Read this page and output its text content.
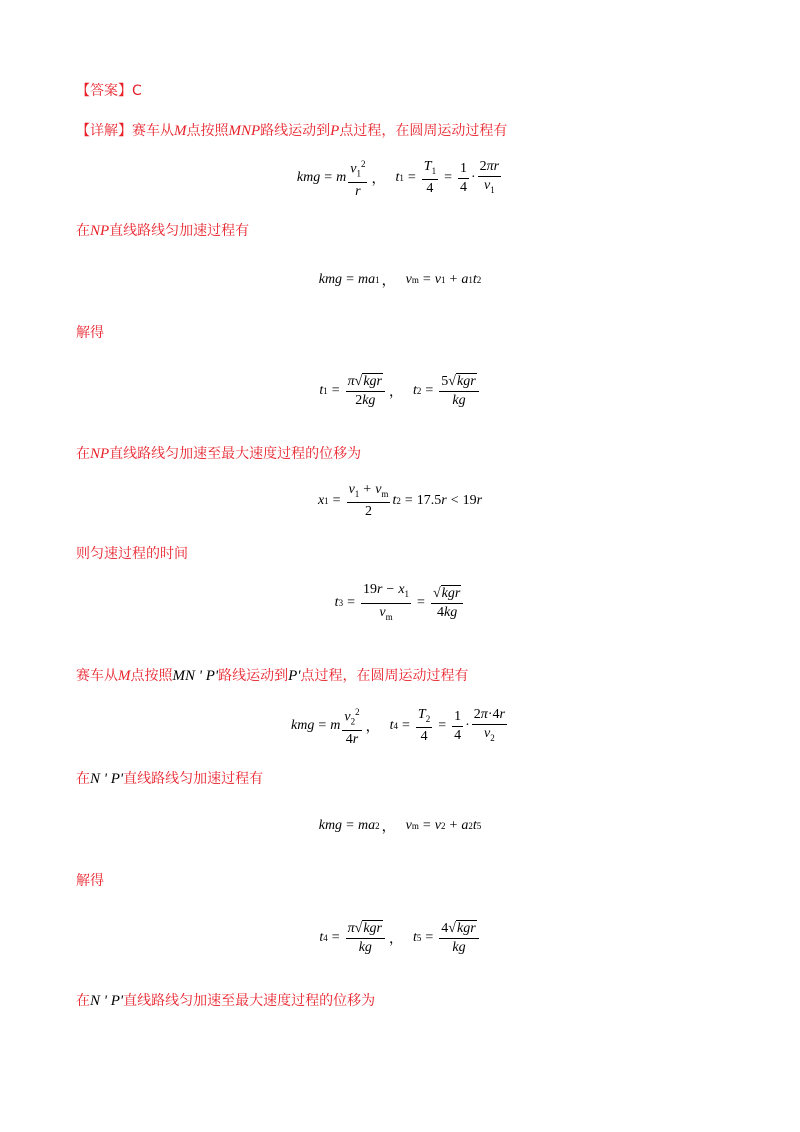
【答案】C
【详解】赛车从M点按照MNP路线运动到P点过程，在圆周运动过程有
kmg = m $\frac{v_1^2}{r}$ ， t $1 = \frac{T_1}{4} = \frac{1}{4} \cdot \frac{2\pi r}{v_1}$
在NP直线路线匀加速过程有
kmg = ma 1 ， v m = v 1 + a 1 t 2
解得
t $1 = \frac{\text{π√kgr}}{2kg}$ ， t $2 = \frac{\text{5√kgr}}{kg}$
在NP直线路线匀加速至最大速度过程的位移为
x $1 = \frac{v_1 + v_m}{2}$ t 2 = 17.5 r < 19 r
则匀速过程的时间
t $3 = \frac{19r - x_1}{v_m} = \frac{\text{√kgr}}{4kg}$
赛车从M点按照MN ' P'路线运动到P'点过程，在圆周运动过程有
kmg = m $\frac{v_2^2}{4r}$ ， t $4 = \frac{T_2}{4} = \frac{1}{4} \cdot \frac{2\pi\cdot 4r}{v_2}$
在N ' P'直线路线匀加速过程有
kmg = ma 2 ， v m = v 2 + a 2 t 5
解得
t $4 = \frac{\text{π√kgr}}{kg}$ ， t $5 = \frac{\text{4√kgr}}{kg}$
在N ' P'直线路线匀加速至最大速度过程的位移为
